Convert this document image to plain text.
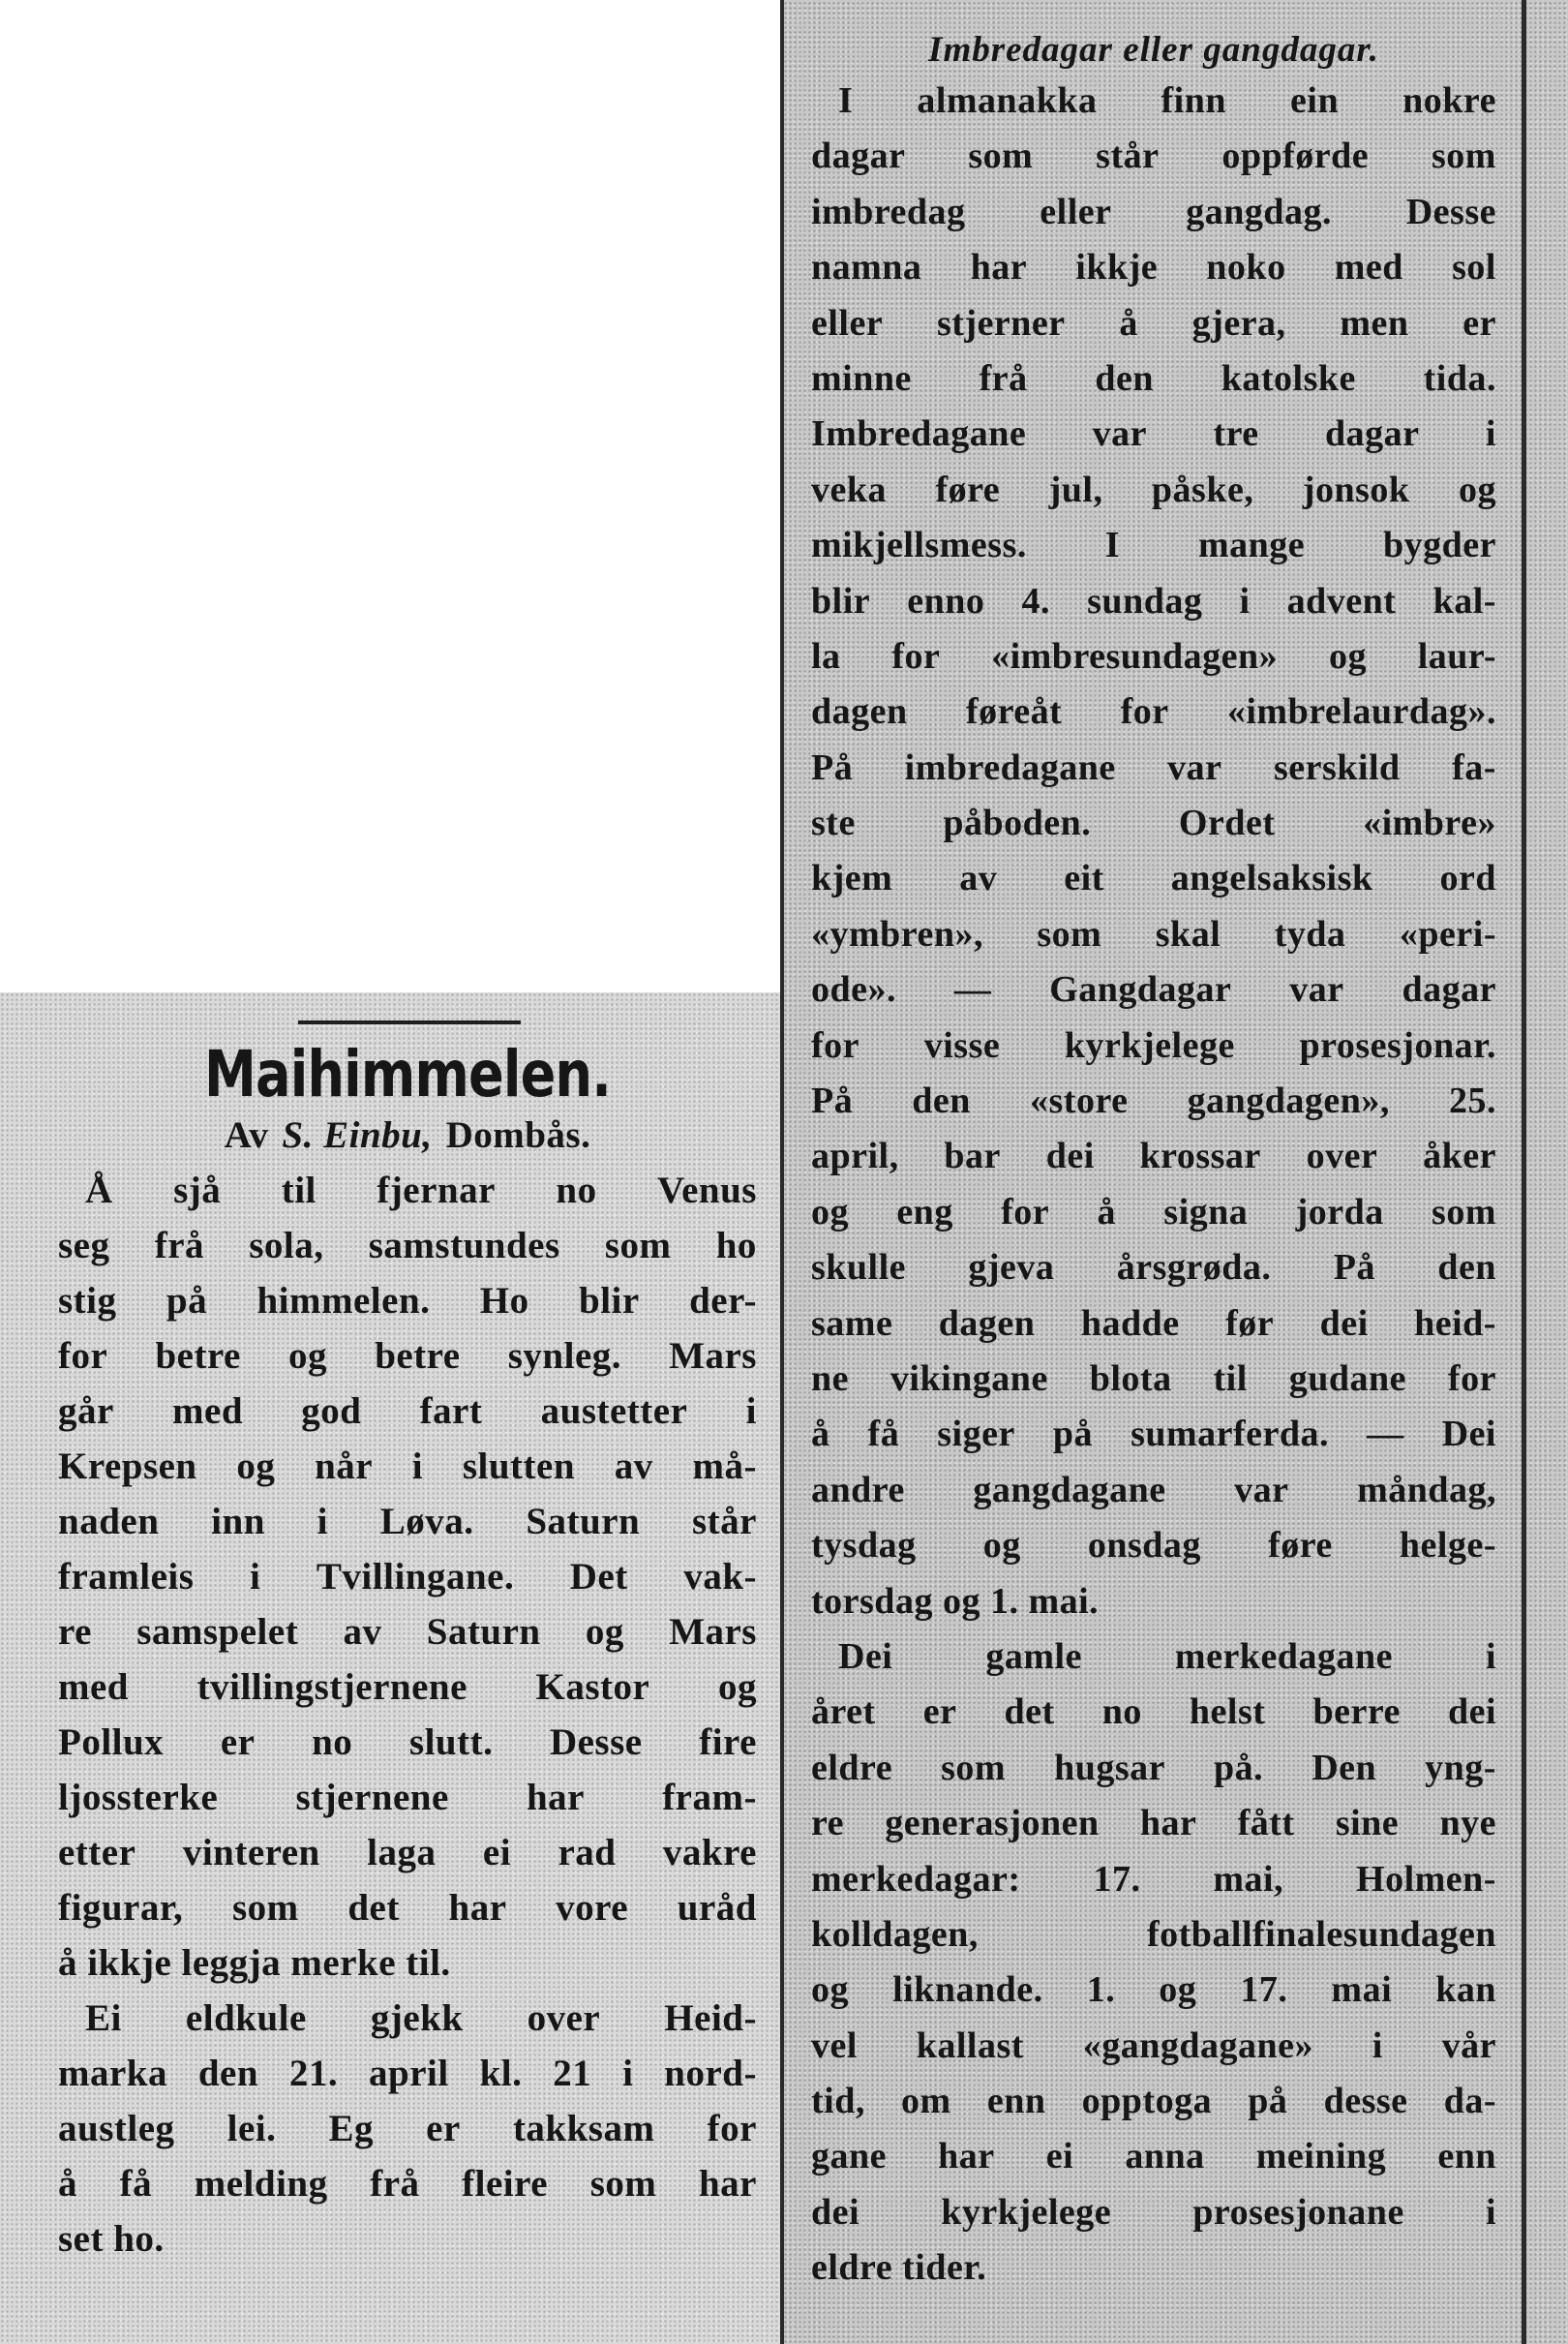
Maihimmelen.
Av S. Einbu, Dombås.
Å sjå til fjernar no Venus
seg frå sola, samstundes som ho
stig på himmelen. Ho blir der-
for betre og betre synleg. Mars
går med god fart austetter i
Krepsen og når i slutten av må-
naden inn i Løva. Saturn står
framleis i Tvillingane. Det vak-
re samspelet av Saturn og Mars
med tvillingstjernene Kastor og
Pollux er no slutt. Desse fire
ljossterke stjernene har fram-
etter vinteren laga ei rad vakre
figurar, som det har vore uråd
å ikkje leggja merke til.
Ei eldkule gjekk over Heid-
marka den 21. april kl. 21 i nord-
austleg lei. Eg er takksam for
å få melding frå fleire som har
set ho.
Imbredagar eller gangdagar.
I almanakka finn ein nokre
dagar som står oppførde som
imbredag eller gangdag. Desse
namna har ikkje noko med sol
eller stjerner å gjera, men er
minne frå den katolske tida.
Imbredagane var tre dagar i
veka føre jul, påske, jonsok og
mikjellsmess. I mange bygder
blir enno 4. sundag i advent kal-
la for «imbresundagen» og laur-
dagen føreåt for «imbrelaurdag».
På imbredagane var serskild fa-
ste påboden. Ordet «imbre»
kjem av eit angelsaksisk ord
«ymbren», som skal tyda «peri-
ode». — Gangdagar var dagar
for visse kyrkjelege prosesjonar.
På den «store gangdagen», 25.
april, bar dei krossar over åker
og eng for å signa jorda som
skulle gjeva årsgrøda. På den
same dagen hadde før dei heid-
ne vikingane blota til gudane for
å få siger på sumarferda. — Dei
andre gangdagane var måndag,
tysdag og onsdag føre helge-
torsdag og 1. mai.
Dei	gamle	merkedagane	i
året er det no helst berre dei
eldre som hugsar på. Den yng-
re generasjonen har fått sine nye
merkedagar: 17. mai, Holmen-
kolldagen,	fotballfinalesundagen
og liknande. 1. og 17. mai kan
vel kallast «gangdagane» i vår
tid, om enn opptoga på desse da-
gane har ei anna meining enn
dei kyrkjelege prosesjonane i
eldre tider.
